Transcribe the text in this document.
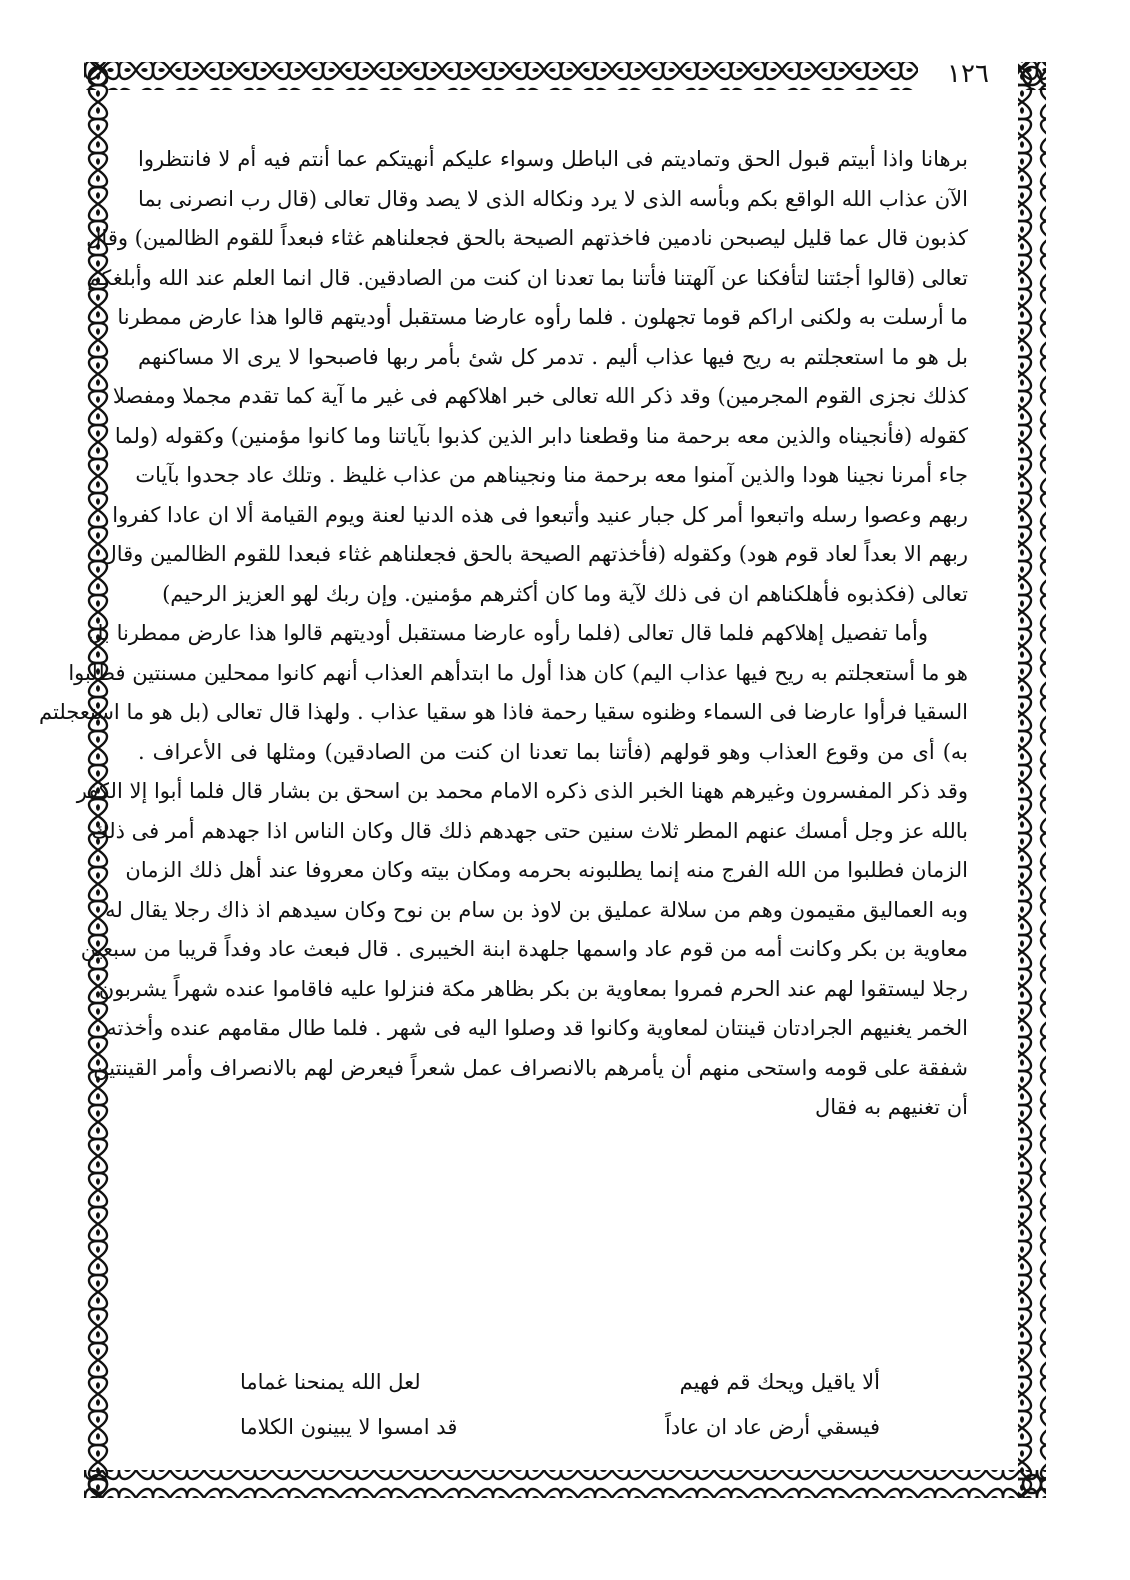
١٢٦
برهانا واذا أبيتم قبول الحق وتماديتم فى الباطل وسواء عليكم أنهيتكم عما أنتم فيه أم لا فانتظروا
الآن عذاب الله الواقع بكم وبأسه الذى لا يرد ونكاله الذى لا يصد وقال تعالى (قال رب انصرنى بما
كذبون قال عما قليل ليصبحن نادمين فاخذتهم الصيحة بالحق فجعلناهم غثاء فبعداً للقوم الظالمين) وقال
تعالى (قالوا أجئتنا لتأفكنا عن آلهتنا فأتنا بما تعدنا ان كنت من الصادقين. قال انما العلم عند الله وأبلغكم
ما أرسلت به ولكنى اراكم قوما تجهلون . فلما رأوه عارضا مستقبل أوديتهم قالوا هذا عارض ممطرنا
بل هو ما استعجلتم به ريح فيها عذاب أليم . تدمر كل شئ بأمر ربها فاصبحوا لا يرى الا مساكنهم
كذلك نجزى القوم المجرمين) وقد ذكر الله تعالى خبر اهلاكهم فى غير ما آية كما تقدم مجملا ومفصلا
كقوله (فأنجيناه والذين معه برحمة منا وقطعنا دابر الذين كذبوا بآياتنا وما كانوا مؤمنين) وكقوله (ولما
جاء أمرنا نجينا هودا والذين آمنوا معه برحمة منا ونجيناهم من عذاب غليظ . وتلك عاد جحدوا بآيات
ربهم وعصوا رسله واتبعوا أمر كل جبار عنيد وأتبعوا فى هذه الدنيا لعنة ويوم القيامة ألا ان عادا كفروا
ربهم الا بعداً لعاد قوم هود) وكقوله (فأخذتهم الصيحة بالحق فجعلناهم غثاء فبعدا للقوم الظالمين وقال
تعالى (فكذبوه فأهلكناهم ان فى ذلك لآية وما كان أكثرهم مؤمنين. وإن ربك لهو العزيز الرحيم)
وأما تفصيل إهلاكهم فلما قال تعالى (فلما رأوه عارضا مستقبل أوديتهم قالوا هذا عارض ممطرنا بل
هو ما أستعجلتم به ريح فيها عذاب اليم) كان هذا أول ما ابتدأهم العذاب أنهم كانوا ممحلين مسنتين فطلبوا
السقيا فرأوا عارضا فى السماء وظنوه سقيا رحمة فاذا هو سقيا عذاب . ولهذا قال تعالى (بل هو ما استعجلتم
به) أى من وقوع العذاب وهو قولهم (فأتنا بما تعدنا ان كنت من الصادقين) ومثلها فى الأعراف .
وقد ذكر المفسرون وغيرهم ههنا الخبر الذى ذكره الامام محمد بن اسحق بن بشار قال فلما أبوا إلا الكفر
بالله عز وجل أمسك عنهم المطر ثلاث سنين حتى جهدهم ذلك قال وكان الناس اذا جهدهم أمر فى ذلك
الزمان فطلبوا من الله الفرج منه إنما يطلبونه بحرمه ومكان بيته وكان معروفا عند أهل ذلك الزمان
وبه العماليق مقيمون وهم من سلالة عمليق بن لاوذ بن سام بن نوح وكان سيدهم اذ ذاك رجلا يقال له
معاوية بن بكر وكانت أمه من قوم عاد واسمها جلهدة ابنة الخيبرى . قال فبعث عاد وفداً قريبا من سبعين
رجلا ليستقوا لهم عند الحرم فمروا بمعاوية بن بكر بظاهر مكة فنزلوا عليه فاقاموا عنده شهراً يشربون
الخمر يغنيهم الجرادتان قينتان لمعاوية وكانوا قد وصلوا اليه فى شهر . فلما طال مقامهم عنده وأخذته
شفقة على قومه واستحى منهم أن يأمرهم بالانصراف عمل شعراً فيعرض لهم بالانصراف وأمر القينتين
أن تغنيهم به فقال
ألا ياقيل ويحك قم فهيم
لعل الله يمنحنا غماما
فيسقي أرض عاد ان عاداً
قد امسوا لا يبينون الكلاما
